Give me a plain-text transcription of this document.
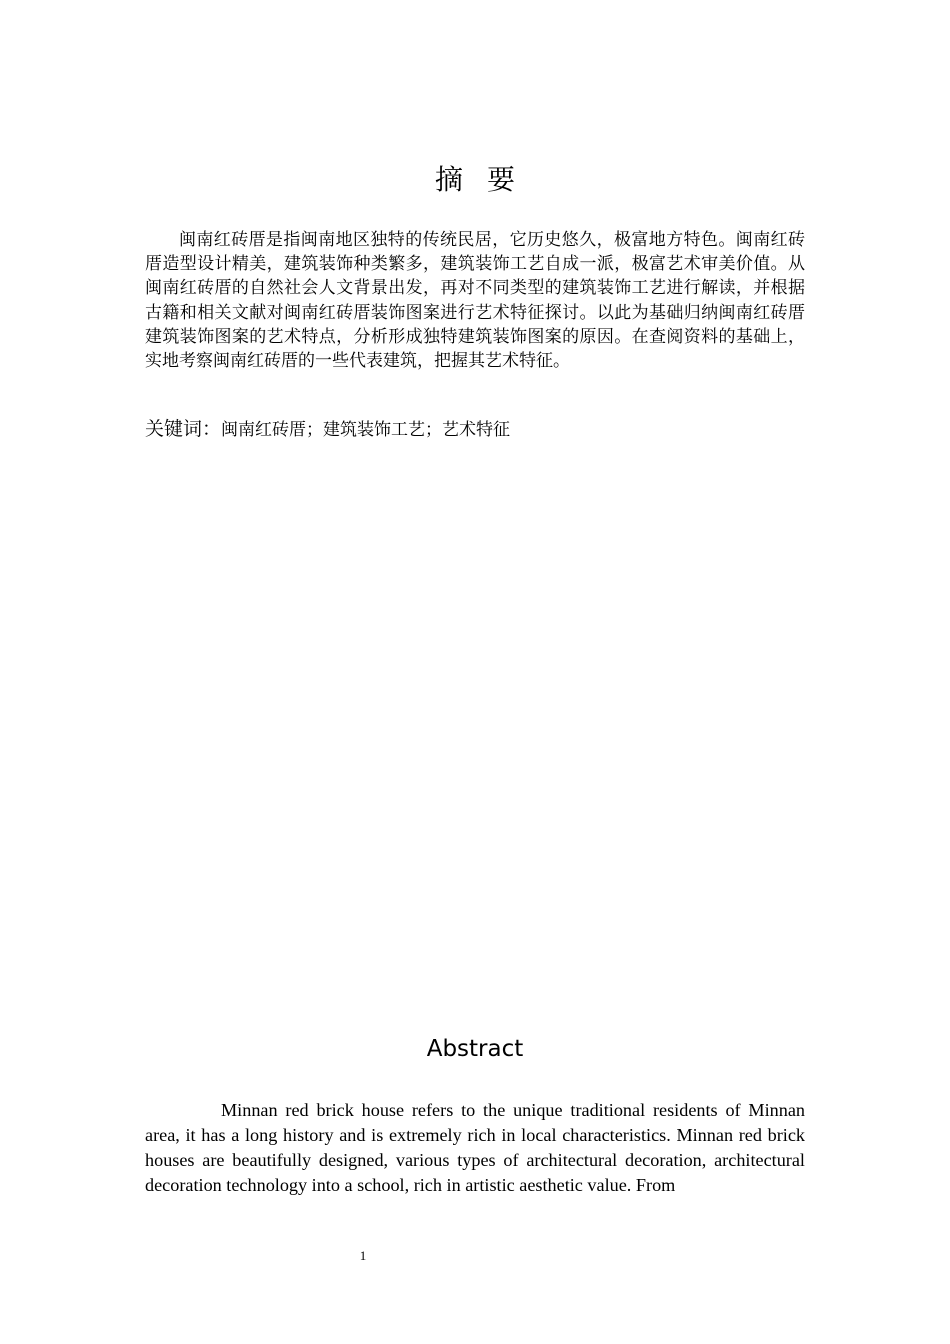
摘要

闽南红砖厝是指闽南地区独特的传统民居，它历史悠久，极富地方特色。闽南红砖厝造型设计精美，建筑装饰种类繁多，建筑装饰工艺自成一派，极富艺术审美价值。从闽南红砖厝的自然社会人文背景出发，再对不同类型的建筑装饰工艺进行解读，并根据古籍和相关文献对闽南红砖厝装饰图案进行艺术特征探讨。以此为基础归纳闽南红砖厝建筑装饰图案的艺术特点，分析形成独特建筑装饰图案的原因。在查阅资料的基础上，实地考察闽南红砖厝的一些代表建筑，把握其艺术特征。

关键词：闽南红砖厝；建筑装饰工艺；艺术特征

Abstract

Minnan red brick house refers to the unique traditional residents of Minnan area, it has a long history and is extremely rich in local characteristics. Minnan red brick houses are beautifully designed, various types of architectural decoration, architectural decoration technology into a school, rich in artistic aesthetic value. From

1
